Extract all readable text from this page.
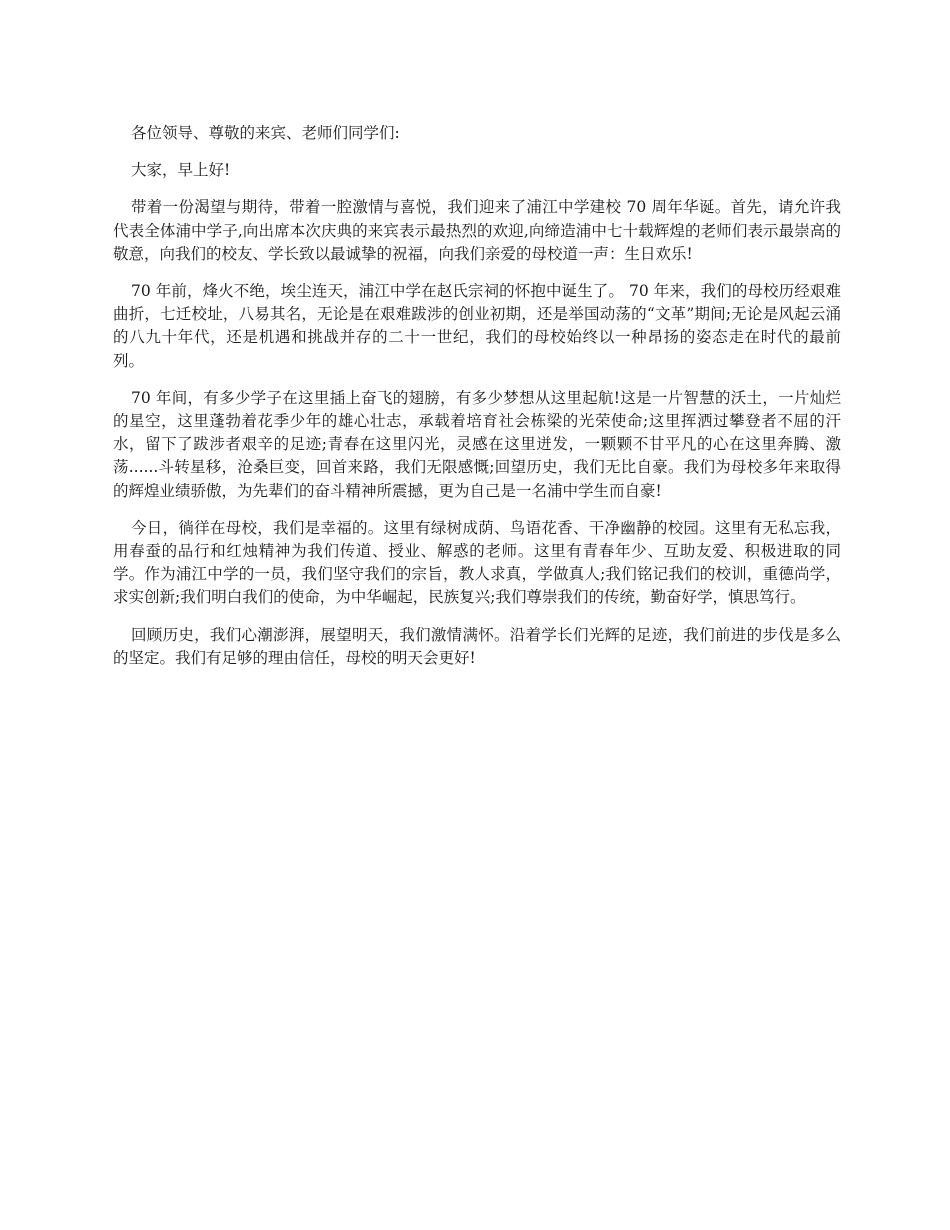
各位领导、尊敬的来宾、老师们同学们:

大家，早上好!

带着一份渴望与期待，带着一腔激情与喜悦，我们迎来了浦江中学建校 70 周年华诞。首先，请允许我代表全体浦中学子,向出席本次庆典的来宾表示最热烈的欢迎,向缔造浦中七十载辉煌的老师们表示最崇高的敬意，向我们的校友、学长致以最诚挚的祝福，向我们亲爱的母校道一声：生日欢乐!

70 年前，烽火不绝，埃尘连天，浦江中学在赵氏宗祠的怀抱中诞生了。 70 年来，我们的母校历经艰难曲折，七迁校址，八易其名，无论是在艰难跋涉的创业初期，还是举国动荡的“文革”期间;无论是风起云涌的八九十年代，还是机遇和挑战并存的二十一世纪，我们的母校始终以一种昂扬的姿态走在时代的最前列。

70 年间，有多少学子在这里插上奋飞的翅膀，有多少梦想从这里起航!这是一片智慧的沃土，一片灿烂的星空，这里蓬勃着花季少年的雄心壮志，承载着培育社会栋梁的光荣使命;这里挥洒过攀登者不屈的汗水，留下了跋涉者艰辛的足迹;青春在这里闪光，灵感在这里迸发，一颗颗不甘平凡的心在这里奔腾、激荡......斗转星移，沧桑巨变，回首来路，我们无限感慨;回望历史，我们无比自豪。我们为母校多年来取得的辉煌业绩骄傲，为先辈们的奋斗精神所震撼，更为自己是一名浦中学生而自豪!

今日，徜徉在母校，我们是幸福的。这里有绿树成荫、鸟语花香、干净幽静的校园。这里有无私忘我，用春蚕的品行和红烛精神为我们传道、授业、解惑的老师。这里有青春年少、互助友爱、积极进取的同学。作为浦江中学的一员，我们坚守我们的宗旨，教人求真，学做真人;我们铭记我们的校训，重德尚学，求实创新;我们明白我们的使命，为中华崛起，民族复兴;我们尊崇我们的传统，勤奋好学，慎思笃行。

回顾历史，我们心潮澎湃，展望明天，我们激情满怀。沿着学长们光辉的足迹，我们前进的步伐是多么的坚定。我们有足够的理由信任，母校的明天会更好!
